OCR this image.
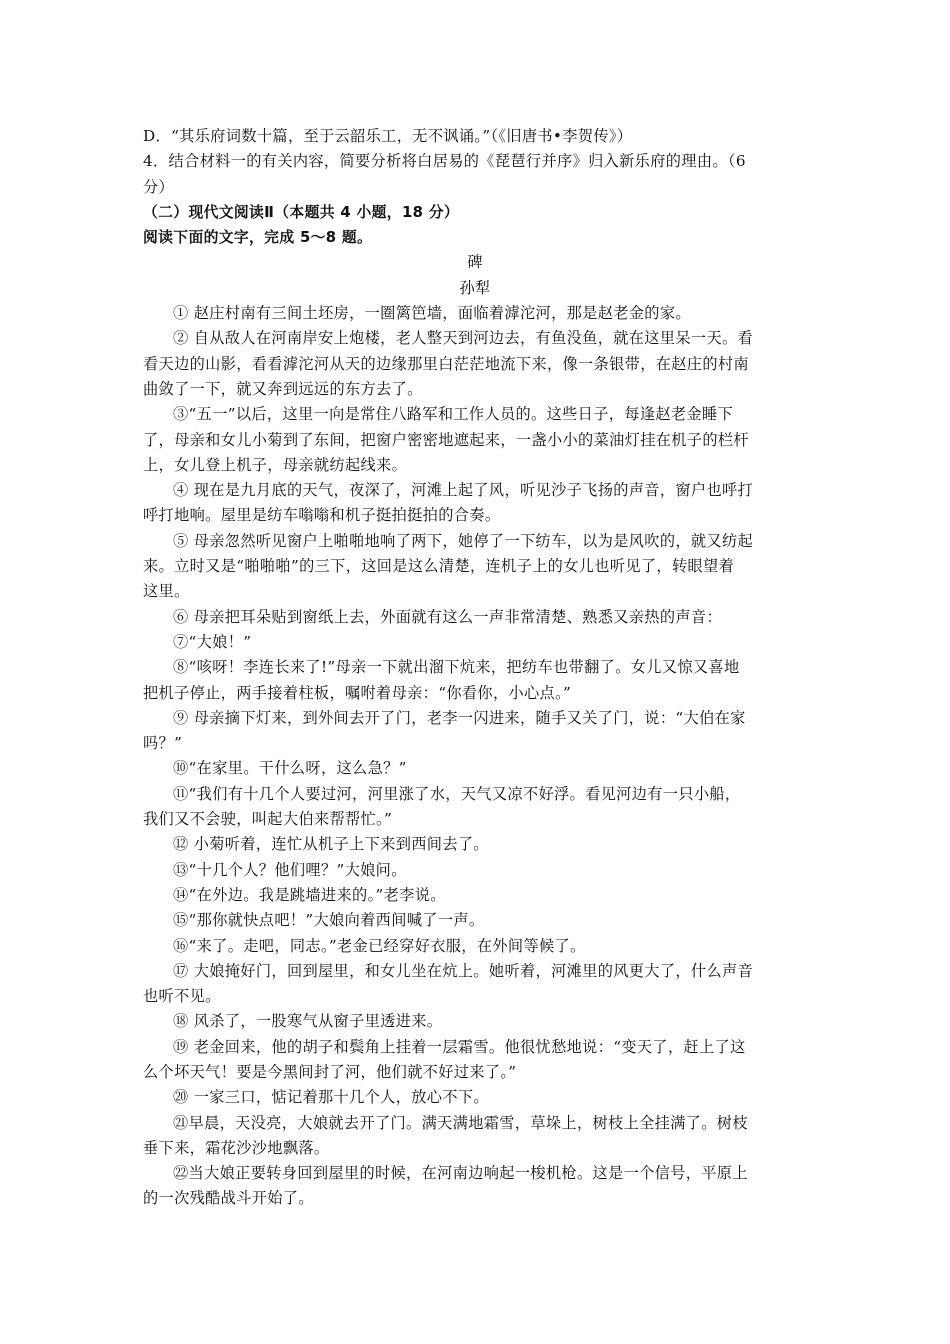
D．“其乐府词数十篇，至于云韶乐工，无不讽诵。”（《旧唐书•李贺传》）
4．结合材料一的有关内容，简要分析将白居易的《琵琶行并序》归入新乐府的理由。（6
分）
（二）现代文阅读Ⅱ（本题共 4 小题，18 分）
阅读下面的文字，完成 5～8 题。
碑
孙犁
① 赵庄村南有三间土坯房，一圈篱笆墙，面临着滹沱河，那是赵老金的家。
② 自从敌人在河南岸安上炮楼，老人整天到河边去，有鱼没鱼，就在这里呆一天。看
看天边的山影，看看滹沱河从天的边缘那里白茫茫地流下来，像一条银带，在赵庄的村南
曲敛了一下，就又奔到远远的东方去了。
③“五一”以后，这里一向是常住八路军和工作人员的。这些日子，每逢赵老金睡下
了，母亲和女儿小菊到了东间，把窗户密密地遮起来，一盏小小的菜油灯挂在机子的栏杆
上，女儿登上机子，母亲就纺起线来。
④ 现在是九月底的天气，夜深了，河滩上起了风，听见沙子飞扬的声音，窗户也呼打
呼打地响。屋里是纺车嗡嗡和机子挺拍挺拍的合奏。
⑤ 母亲忽然听见窗户上啪啪地响了两下，她停了一下纺车，以为是风吹的，就又纺起
来。立时又是“啪啪啪”的三下，这回是这么清楚，连机子上的女儿也听见了，转眼望着
这里。
⑥ 母亲把耳朵贴到窗纸上去，外面就有这么一声非常清楚、熟悉又亲热的声音：
⑦“大娘！”
⑧“咳呀！李连长来了!”母亲一下就出溜下炕来，把纺车也带翻了。女儿又惊又喜地
把机子停止，两手接着柱板，嘱咐着母亲：“你看你，小心点。”
⑨ 母亲摘下灯来，到外间去开了门，老李一闪进来，随手又关了门，说：“大伯在家
吗？”
⑩“在家里。干什么呀，这么急？”
⑪“我们有十几个人要过河，河里涨了水，天气又凉不好浮。看见河边有一只小船，
我们又不会驶，叫起大伯来帮帮忙。”
⑫ 小菊听着，连忙从机子上下来到西间去了。
⑬“十几个人？他们哩？”大娘问。
⑭“在外边。我是跳墙进来的。”老李说。
⑮“那你就快点吧！”大娘向着西间喊了一声。
⑯“来了。走吧，同志。”老金已经穿好衣服，在外间等候了。
⑰ 大娘掩好门，回到屋里，和女儿坐在炕上。她听着，河滩里的风更大了，什么声音
也听不见。
⑱ 风杀了，一股寒气从窗子里透进来。
⑲ 老金回来，他的胡子和鬓角上挂着一层霜雪。他很忧愁地说：“变天了，赶上了这
么个坏天气！要是今黑间封了河，他们就不好过来了。”
⑳ 一家三口，惦记着那十几个人，放心不下。
㉑早晨，天没亮，大娘就去开了门。满天满地霜雪，草垛上，树枝上全挂满了。树枝
垂下来，霜花沙沙地飘落。
㉒当大娘正要转身回到屋里的时候，在河南边响起一梭机枪。这是一个信号，平原上
的一次残酷战斗开始了。
